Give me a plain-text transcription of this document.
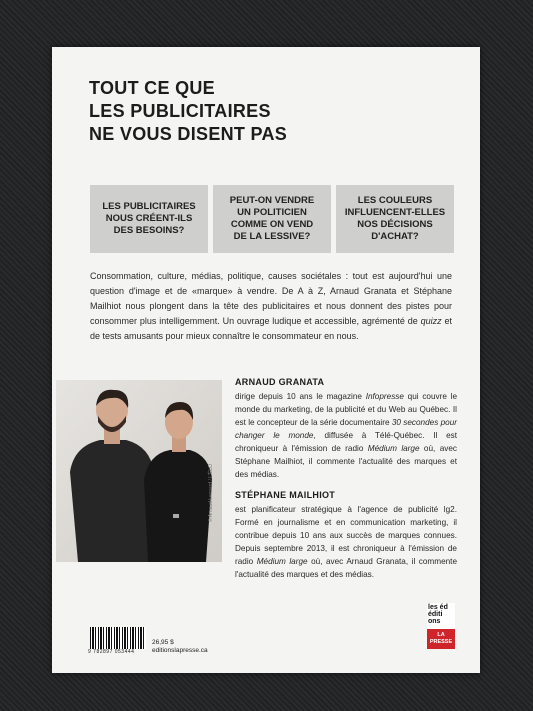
TOUT CE QUE
LES PUBLICITAIRES
NE VOUS DISENT PAS
LES PUBLICITAIRES
NOUS CRÉENT-ILS
DES BESOINS?
PEUT-ON VENDRE
UN POLITICIEN
COMME ON VEND
DE LA LESSIVE?
LES COULEURS
INFLUENCENT-ELLES
NOS DÉCISIONS
D'ACHAT?

Consommation, culture, médias, politique, causes sociétales : tout est aujourd'hui une question d'image et de «marque» à vendre. De A à Z, Arnaud Granata et Stéphane Mailhiot nous plongent dans la tête des publicitaires et nous donnent des pistes pour consommer plus intelligemment. Un ouvrage ludique et accessible, agrémenté de quizz et de tests amusants pour mieux connaître le consommateur en nous.

© Arnaud Lessard / L'ÉLO
ARNAUD GRANATA

dirige depuis 10 ans le magazine Infopresse qui couvre le monde du marketing, de la publicité et du Web au Québec. Il est le concepteur de la série documentaire 30 secondes pour changer le monde, diffusée à Télé-Québec. Il est chroniqueur à l'émission de radio Médium large où, avec Stéphane Mailhiot, il commente l'actualité des marques et des médias.

STÉPHANE MAILHIOT

est planificateur stratégique à l'agence de publicité lg2. Formé en journalisme et en communication marketing, il contribue depuis 10 ans aux succès de marques connues. Depuis septembre 2013, il est chroniqueur à l'émission de radio Médium large où, avec Arnaud Granata, il commente l'actualité des marques et des médias.

9 782897 053444
26,95 $
editionslapresse.ca
les éd
éditi
ons
LA
PRESSE
